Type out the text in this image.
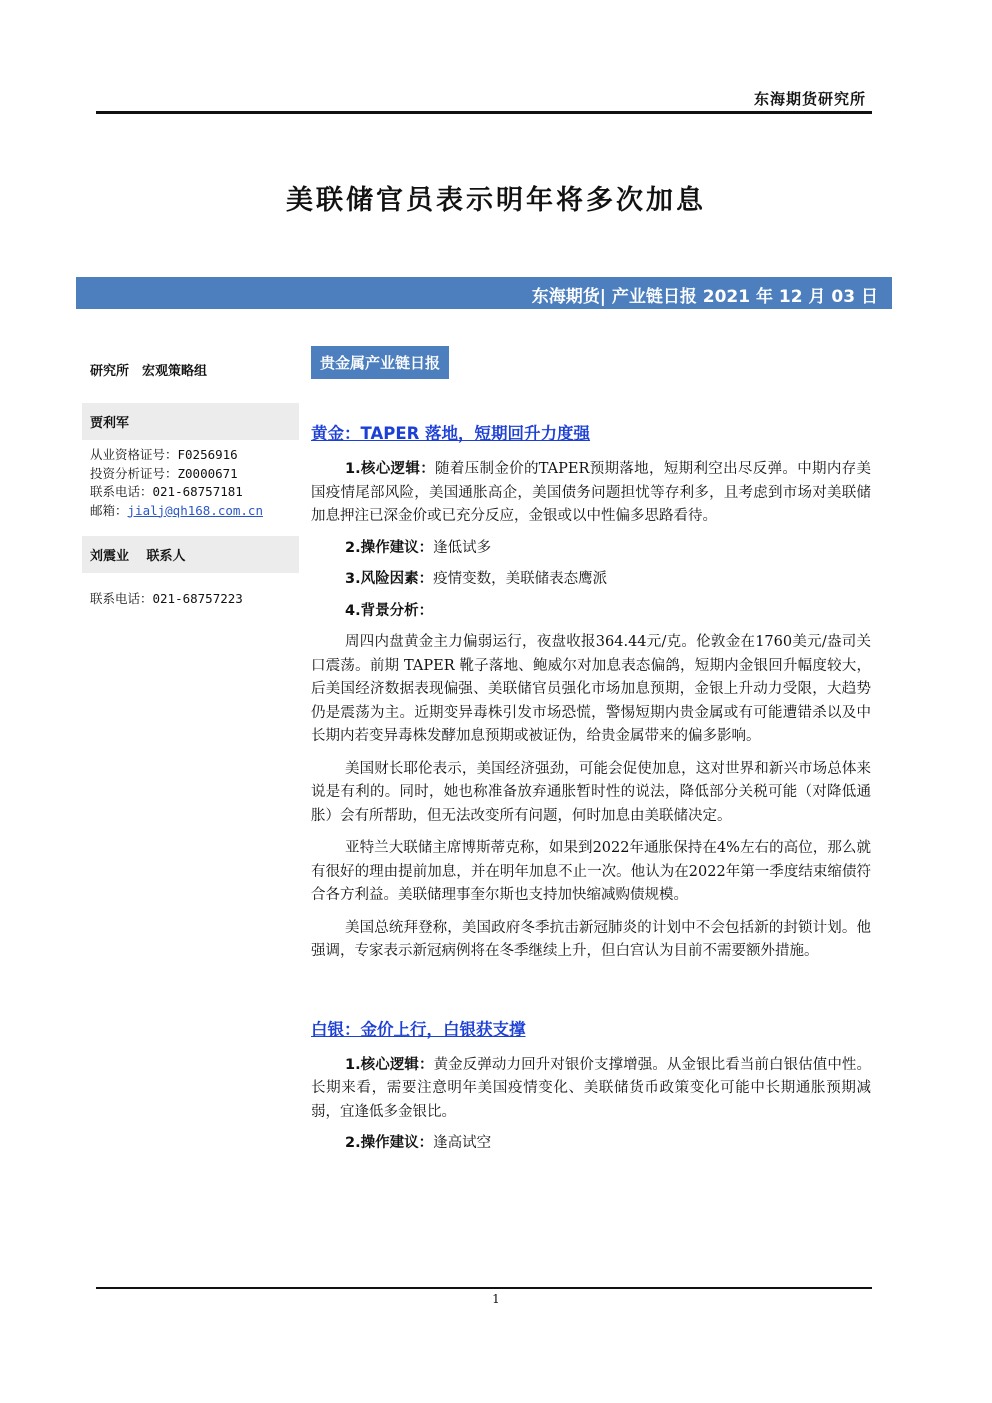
东海期货研究所
美联储官员表示明年将多次加息
东海期货| 产业链日报 2021 年 12 月 03 日
研究所　宏观策略组
贾利军
从业资格证号：F0256916
投资分析证号：Z0000671
联系电话：021-68757181
邮箱：jialj@qh168.com.cn
刘震业　 联系人
联系电话：021-68757223
贵金属产业链日报
黄金：TAPER 落地，短期回升力度强

1.核心逻辑：随着压制金价的TAPER预期落地，短期利空出尽反弹。中期内存美国疫情尾部风险，美国通胀高企，美国债务问题担忧等存利多，且考虑到市场对美联储加息押注已深金价或已充分反应，金银或以中性偏多思路看待。

2.操作建议：逢低试多

3.风险因素：疫情变数，美联储表态鹰派

4.背景分析：

周四内盘黄金主力偏弱运行，夜盘收报364.44元/克。伦敦金在1760美元/盎司关口震荡。前期 TAPER 靴子落地、鲍威尔对加息表态偏鸽，短期内金银回升幅度较大，后美国经济数据表现偏强、美联储官员强化市场加息预期，金银上升动力受限，大趋势仍是震荡为主。近期变异毒株引发市场恐慌，警惕短期内贵金属或有可能遭错杀以及中长期内若变异毒株发酵加息预期或被证伪，给贵金属带来的偏多影响。

美国财长耶伦表示，美国经济强劲，可能会促使加息，这对世界和新兴市场总体来说是有利的。同时，她也称准备放弃通胀暂时性的说法，降低部分关税可能（对降低通胀）会有所帮助，但无法改变所有问题，何时加息由美联储决定。

亚特兰大联储主席博斯蒂克称，如果到2022年通胀保持在4%左右的高位，那么就有很好的理由提前加息，并在明年加息不止一次。他认为在2022年第一季度结束缩债符合各方利益。美联储理事奎尔斯也支持加快缩减购债规模。

美国总统拜登称，美国政府冬季抗击新冠肺炎的计划中不会包括新的封锁计划。他强调，专家表示新冠病例将在冬季继续上升，但白宫认为目前不需要额外措施。

白银：金价上行，白银获支撑

1.核心逻辑：黄金反弹动力回升对银价支撑增强。从金银比看当前白银估值中性。长期来看，需要注意明年美国疫情变化、美联储货币政策变化可能中长期通胀预期减弱，宜逢低多金银比。

2.操作建议：逢高试空

1
